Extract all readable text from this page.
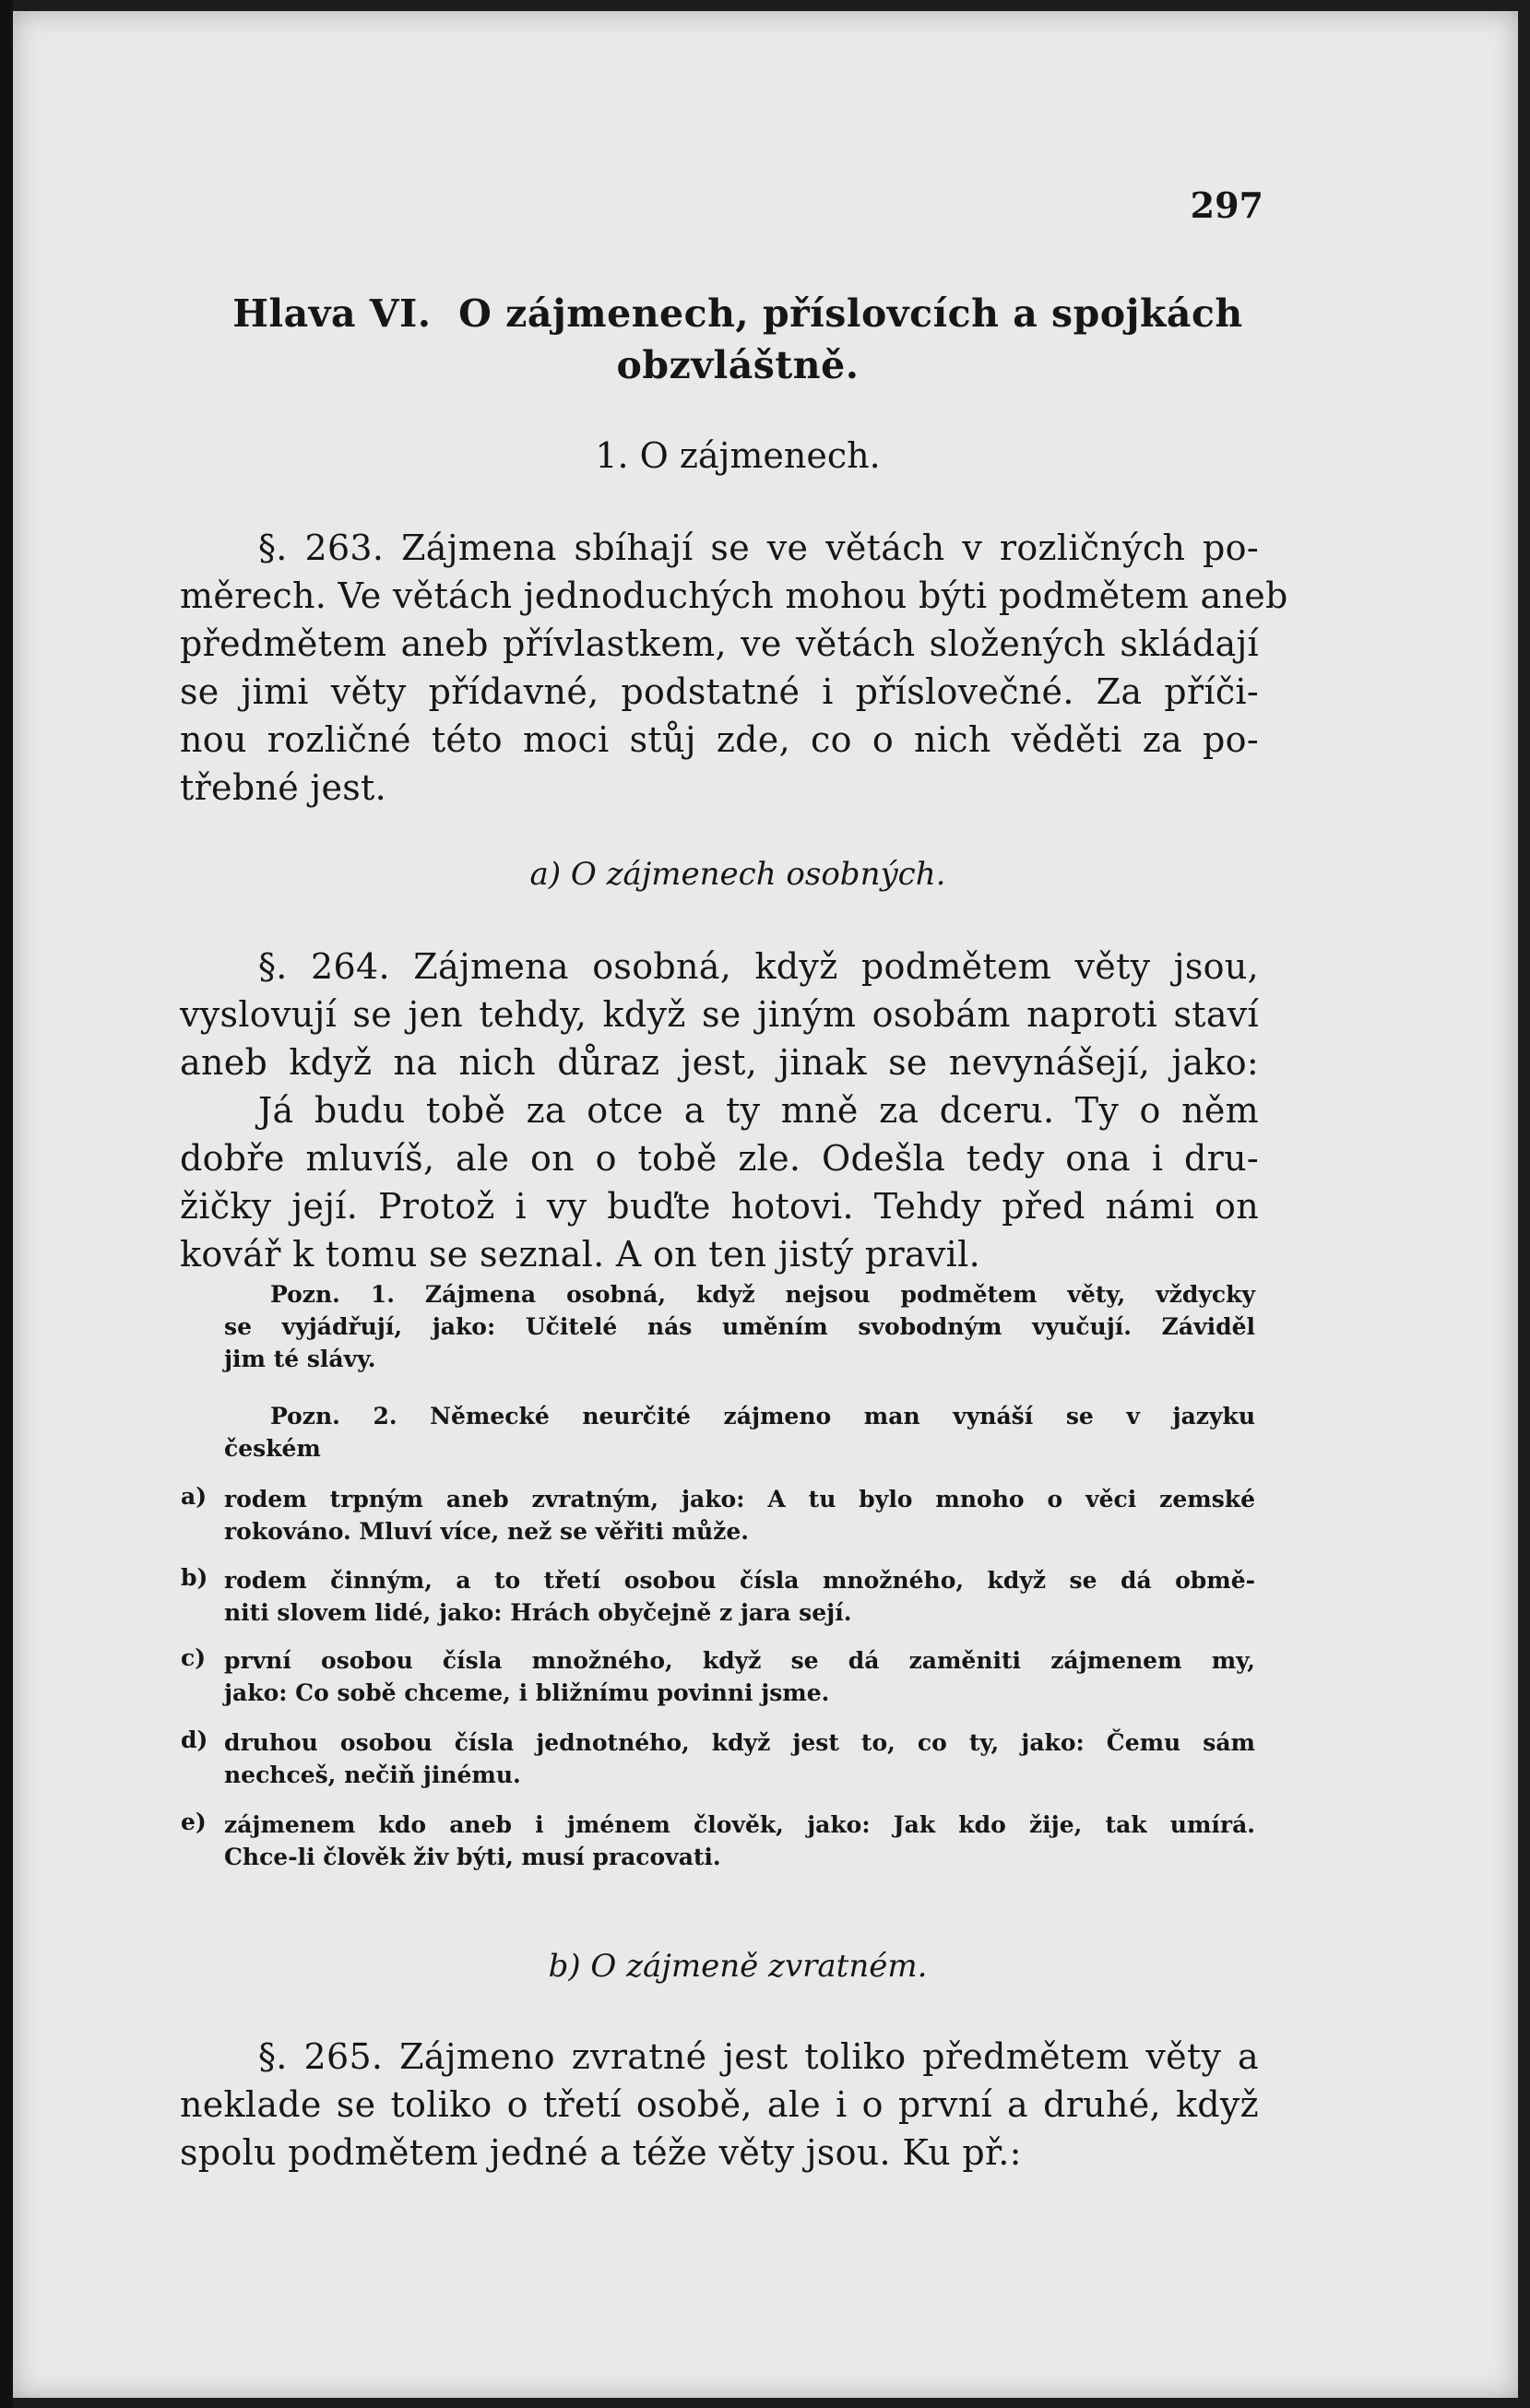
297
Hlava VI.  O zájmenech, příslovcích a spojkách
obzvláštně.
1. O zájmenech.
§. 263. Zájmena sbíhají se ve větách v rozličných po-
měrech. Ve větách jednoduchých mohou býti podmětem aneb
předmětem aneb přívlastkem, ve větách složených skládají
se jimi věty přídavné, podstatné i příslovečné. Za příči-
nou rozličné této moci stůj zde, co o nich věděti za po-
třebné jest.
a) O zájmenech osobných.
§. 264. Zájmena osobná, když podmětem věty jsou,
vyslovují se jen tehdy, když se jiným osobám naproti staví
aneb když na nich důraz jest, jinak se nevynášejí, jako:
Já budu tobě za otce a ty mně za dceru. Ty o něm
dobře mluvíš, ale on o tobě zle. Odešla tedy ona i dru-
žičky její. Protož i vy buďte hotovi. Tehdy před námi on
kovář k tomu se seznal. A on ten jistý pravil.
Pozn. 1. Zájmena osobná, když nejsou podmětem věty, vždycky
se vyjádřují, jako: Učitelé nás uměním svobodným vyučují. Záviděl
jim té slávy.
Pozn. 2. Německé neurčité zájmeno man vynáší se v jazyku
českém
a) rodem trpným aneb zvratným, jako: A tu bylo mnoho o věci zemské
rokováno. Mluví více, než se věřiti může.
b) rodem činným, a to třetí osobou čísla množného, když se dá obmě-
niti slovem lidé, jako: Hrách obyčejně z jara sejí.
c) první osobou čísla množného, když se dá zaměniti zájmenem my,
jako: Co sobě chceme, i bližnímu povinni jsme.
d) druhou osobou čísla jednotného, když jest to, co ty, jako: Čemu sám
nechceš, nečiň jinému.
e) zájmenem kdo aneb i jménem člověk, jako: Jak kdo žije, tak umírá.
Chce-li člověk živ býti, musí pracovati.
b) O zájmeně zvratném.
§. 265. Zájmeno zvratné jest toliko předmětem věty a
neklade se toliko o třetí osobě, ale i o první a druhé, když
spolu podmětem jedné a téže věty jsou. Ku př.:
